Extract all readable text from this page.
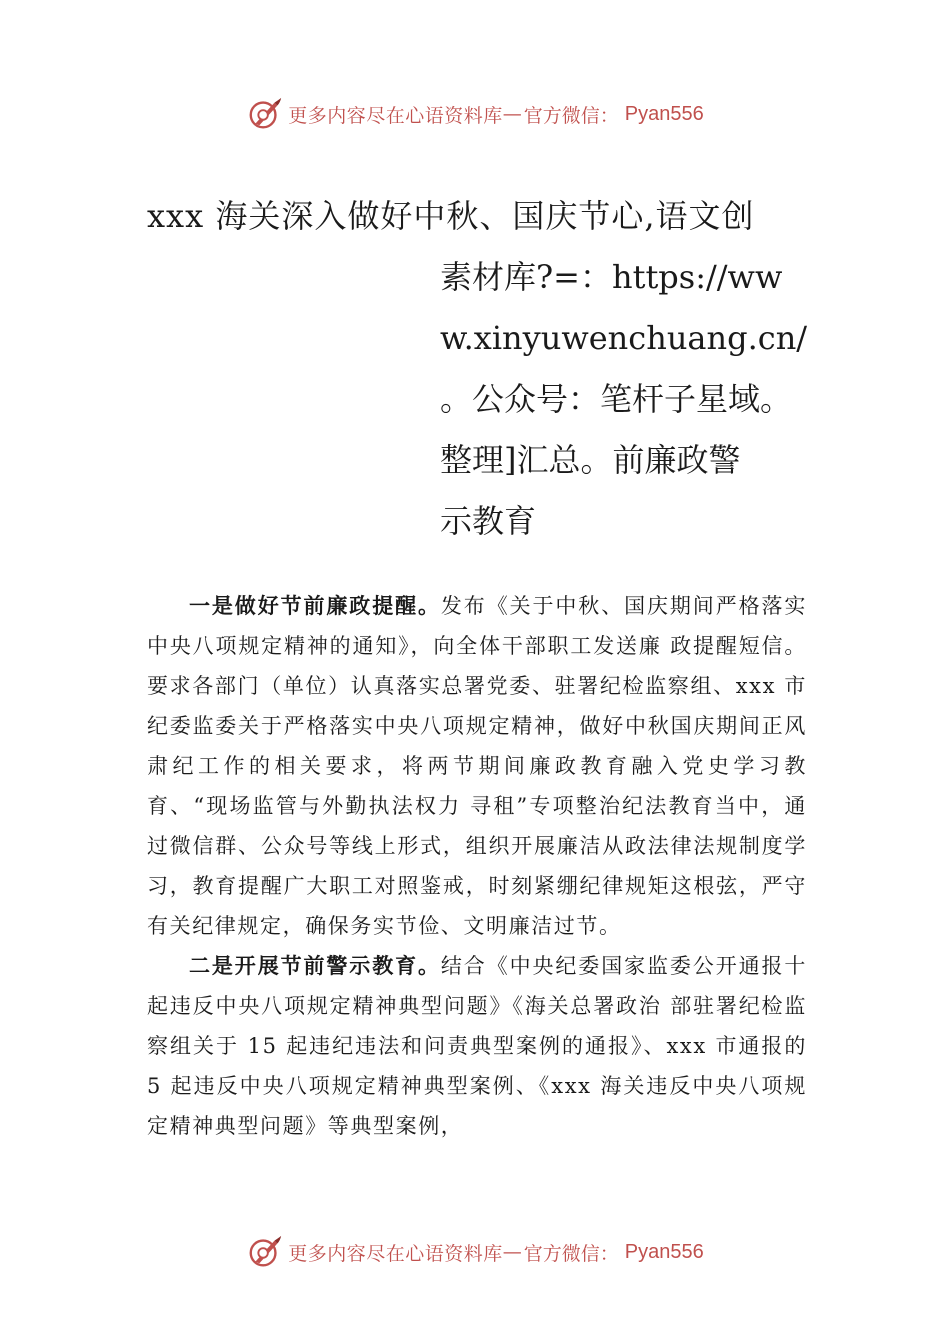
更多内容尽在心语资料库 — 官方微信： Pyan556
xxx 海关深入做好中秋、国庆节心,语文创
素材库?=：https://ww
w.xinyuwenchuang.cn/
。公众号：笔杆子星域。
整理]汇总。前廉政警
示教育

一是做好节前廉政提醒。发布《关于中秋、国庆期间严格落实中央八项规定精神的通知》，向全体干部职工发送廉 政提醒短信。要求各部门（单位）认真落实总署党委、驻署纪检监察组、xxx 市纪委监委关于严格落实中央八项规定精神，做好中秋国庆期间正风肃纪工作的相关要求，将两节期间廉政教育融入党史学习教育、“现场监管与外勤执法权力 寻租”专项整治纪法教育当中，通过微信群、公众号等线上形式，组织开展廉洁从政法律法规制度学习，教育提醒广大职工对照鉴戒，时刻紧绷纪律规矩这根弦，严守有关纪律规定，确保务实节俭、文明廉洁过节。

二是开展节前警示教育。结合《中央纪委国家监委公开通报十起违反中央八项规定精神典型问题》《海关总署政治 部驻署纪检监察组关于 15 起违纪违法和问责典型案例的通报》、xxx 市通报的 5 起违反中央八项规定精神典型案例、《xxx 海关违反中央八项规定精神典型问题》等典型案例，

更多内容尽在心语资料库 — 官方微信： Pyan556
